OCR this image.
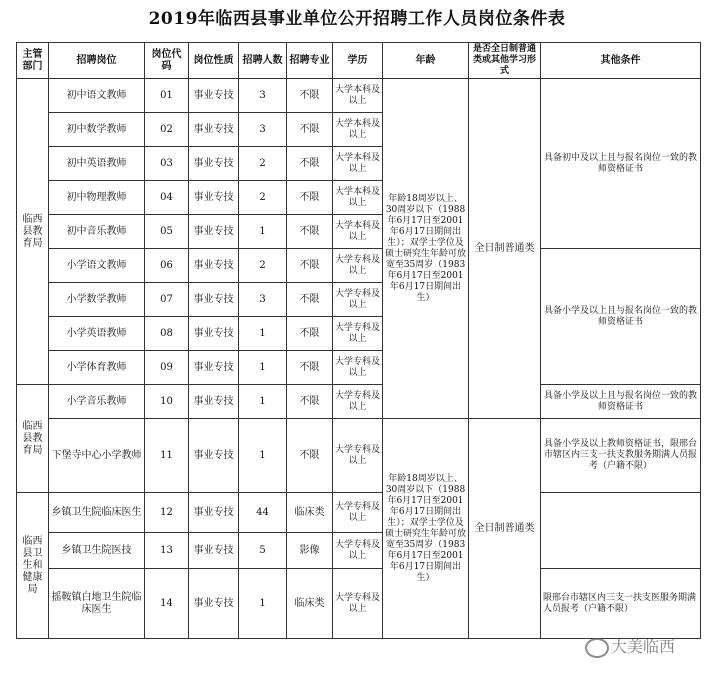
2019年临西县事业单位公开招聘工作人员岗位条件表
主管部门	招聘岗位	岗位代码	岗位性质	招聘人数	招聘专业	学历	年龄	是否全日制普通类或其他学习形式	其他条件
临西县教育局	初中语文教师	01	事业专技	3	不限	大学本科及以上	年龄18周岁以上、30周岁以下（1988年6月17日至2001年6月17日期间出生）；双学士学位及硕士研究生年龄可放宽至35周岁（1983年6月17日至2001年6月17日期间出生）	全日制普通类	具备初中及以上且与报名岗位一致的教师资格证书
	初中数学教师	02	事业专技	3	不限	大学本科及以上			
	初中英语教师	03	事业专技	2	不限	大学本科及以上			
	初中物理教师	04	事业专技	2	不限	大学本科及以上			
	初中音乐教师	05	事业专技	1	不限	大学本科及以上			
	小学语文教师	06	事业专技	2	不限	大学专科及以上			具备小学及以上且与报名岗位一致的教师资格证书
	小学数学教师	07	事业专技	3	不限	大学专科及以上			
	小学英语教师	08	事业专技	1	不限	大学专科及以上			
	小学体育教师	09	事业专技	1	不限	大学专科及以上			
临西县教育局	小学音乐教师	10	事业专技	1	不限	大学专科及以上			具备小学及以上且与报名岗位一致的教师资格证书
	下堡寺中心小学教师	11	事业专技	1	不限	大学专科及以上	年龄18周岁以上、30周岁以下（1988年6月17日至2001年6月17日期间出生）；双学士学位及硕士研究生年龄可放宽至35周岁（1983年6月17日至2001年6月17日期间出生）	全日制普通类	具备小学及以上教师资格证书，限邢台市辖区内三支一扶支教服务期满人员报考（户籍不限）
临西县卫生和健康局	乡镇卫生院临床医生	12	事业专技	44	临床类	大学专科及以上			
	乡镇卫生院医技	13	事业专技	5	影像	大学专科及以上			
	摇鞍镇白地卫生院临床医生	14	事业专技	1	临床类	大学专科及以上			限邢台市辖区内三支一扶支医服务期满人员报考（户籍不限）
大美临西
